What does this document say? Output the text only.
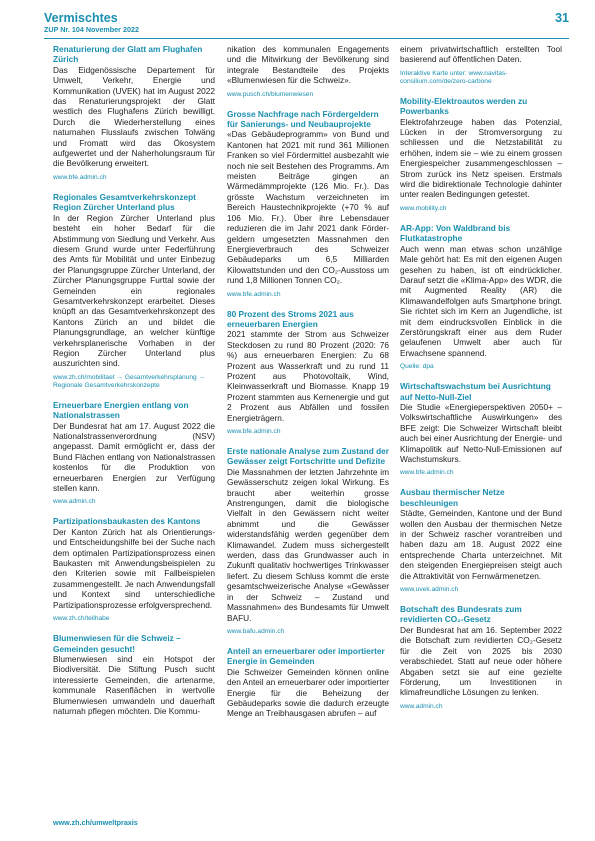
Vermischtes
ZUP Nr. 104 November 2022
31
Renaturierung der Glatt am Flughafen Zürich

Das Eidgenössische Departement für Umwelt, Verkehr, Energie und Kommunikation (UVEK) hat im August 2022 das Renaturierungsprojekt der Glatt westlich des Flughafens Zürich bewilligt. Durch die Wiederherstellung eines naturnahen Flusslaufs zwischen Tolwäng und Fromatt wird das Ökosystem aufgewertet und der Naherholungsraum für die Bevölkerung erweitert.

www.bfe.admin.ch
Regionales Gesamtverkehrskonzept Region Zürcher Unterland plus

In der Region Zürcher Unterland plus besteht ein hoher Bedarf für die Abstimmung von Siedlung und Verkehr. Aus diesem Grund wurde unter Federführung des Amts für Mobilität und unter Einbezug der Planungsgruppe Zürcher Unterland, der Zürcher Planungsgruppe Furttal sowie der Gemeinden ein regionales Gesamtverkehrskonzept erarbeitet. Dieses knüpft an das Gesamtverkehrskonzept des Kantons Zürich an und bildet die Planungsgrundlage, an welcher künftige verkehrsplanerische Vorhaben in der Region Zürcher Unterland plus auszurichten sind.

www.zh.ch/mobilitaet → Gesamtverkehrsplanung → Regionale Gesamtverkehrskonzepte
Erneuerbare Energien entlang von Nationalstrassen

Der Bundesrat hat am 17. August 2022 die Nationalstrassenverordnung (NSV) angepasst. Damit ermöglicht er, dass der Bund Flächen entlang von Nationalstrassen kostenlos für die Produktion von erneuerbaren Energien zur Verfügung stellen kann.

www.admin.ch
Partizipationsbaukasten des Kantons

Der Kanton Zürich hat als Orientierungs- und Entscheidungshilfe bei der Suche nach dem optimalen Partizipationsprozess einen Baukasten mit Anwendungsbeispielen zu den Kriterien sowie mit Fallbeispielen zusammengestellt. Je nach Anwendungsfall und Kontext sind unterschiedliche Partizipationsprozesse erfolgversprechend.

www.zh.ch/teilhabe
Blumenwiesen für die Schweiz – Gemeinden gesucht!

Blumenwiesen sind ein Hotspot der Biodiversität. Die Stiftung Pusch sucht interessierte Gemeinden, die artenarme, kommunale Rasenflächen in wertvolle Blumenwiesen umwandeln und dauerhaft naturnah pflegen möchten. Die Kommu-

nikation des kommunalen Engagements und die Mitwirkung der Bevölkerung sind integrale Bestandteile des Projekts «Blumenwiesen für die Schweiz».

www.pusch.ch/blumenwiesen
Grosse Nachfrage nach Fördergeldern für Sanierungs- und Neubauprojekte

«Das Gebäudeprogramm» von Bund und Kantonen hat 2021 mit rund 361 Millionen Franken so viel Fördermittel ausbezahlt wie noch nie seit Bestehen des Programms. Am meisten Beiträge gingen an Wärmedämmprojekte (126 Mio. Fr.). Das grösste Wachstum verzeichneten im Bereich Haustechnikprojekte (+70 % auf 106 Mio. Fr.). Über ihre Lebensdauer reduzieren die im Jahr 2021 dank Förder- geldern umgesetzten Massnahmen den Energieverbrauch des Schweizer Gebäudeparks um 6,5 Milliarden Kilowattstunden und den CO₂-Ausstoss um rund 1,8 Millionen Tonnen CO₂.

www.bfe.admin.ch
80 Prozent des Stroms 2021 aus erneuerbaren Energien

2021 stammte der Strom aus Schweizer Steckdosen zu rund 80 Prozent (2020: 76 %) aus erneuerbaren Energien: Zu 68 Prozent aus Wasserkraft und zu rund 11 Prozent aus Photovoltaik, Wind, Kleinwasserkraft und Biomasse. Knapp 19 Prozent stammten aus Kernenergie und gut 2 Prozent aus Abfällen und fossilen Energieträgern.

www.bfe.admin.ch
Erste nationale Analyse zum Zustand der Gewässer zeigt Fortschritte und Defizite

Die Massnahmen der letzten Jahrzehnte im Gewässerschutz zeigen lokal Wirkung. Es braucht aber weiterhin grosse Anstrengungen, damit die biologische Vielfalt in den Gewässern nicht weiter abnimmt und die Gewässer widerstandsfähig werden gegenüber dem Klimawandel. Zudem muss sichergestellt werden, dass das Grundwasser auch in Zukunft qualitativ hochwertiges Trinkwasser liefert. Zu diesem Schluss kommt die erste gesamtschweizerische Analyse «Gewässer in der Schweiz – Zustand und Massnahmen» des Bundesamts für Umwelt BAFU.

www.bafu.admin.ch
Anteil an erneuerbarer oder importierter Energie in Gemeinden

Die Schweizer Gemeinden können online den Anteil an erneuerbarer oder importierter Energie für die Beheizung der Gebäudeparks sowie die dadurch erzeugte Menge an Treibhausgasen abrufen – auf

einem privatwirtschaftlich erstellten Tool basierend auf öffentlichen Daten.

Interaktive Karte unter: www.navitas-consilium.com/de/zero-carbone
Mobility-Elektroautos werden zu Powerbanks

Elektrofahrzeuge haben das Potenzial, Lücken in der Stromversorgung zu schliessen und die Netzstabilität zu erhöhen, indem sie – wie zu einem grossen Energiespeicher zusammengeschlossen – Strom zurück ins Netz speisen. Erstmals wird die bidirektionale Technologie dahinter unter realen Bedingungen getestet.

www.mobility.ch
AR-App: Von Waldbrand bis Flutkatastrophe

Auch wenn man etwas schon unzählige Male gehört hat: Es mit den eigenen Augen gesehen zu haben, ist oft eindrücklicher. Darauf setzt die «Klima-App» des WDR, die mit Augmented Reality (AR) die Klimawandelfolgen aufs Smartphone bringt. Sie richtet sich im Kern an Jugendliche, ist mit dem eindrucksvollen Einblick in die Zerstörungskraft einer aus dem Ruder gelaufenen Umwelt aber auch für Erwachsene spannend.

Quelle: dpa
Wirtschaftswachstum bei Ausrichtung auf Netto-Null-Ziel

Die Studie «Energieperspektiven 2050+ – Volkswirtschaftliche Auswirkungen» des BFE zeigt: Die Schweizer Wirtschaft bleibt auch bei einer Ausrichtung der Energie- und Klimapolitik auf Netto-Null-Emissionen auf Wachstumskurs.

www.bfe.admin.ch
Ausbau thermischer Netze beschleunigen

Städte, Gemeinden, Kantone und der Bund wollen den Ausbau der thermischen Netze in der Schweiz rascher vorantreiben und haben dazu am 18. August 2022 eine entsprechende Charta unterzeichnet. Mit den steigenden Energiepreisen steigt auch die Attraktivität von Fernwärmenetzen.

www.uvek.admin.ch
Botschaft des Bundesrats zum revidierten CO₂-Gesetz

Der Bundesrat hat am 16. September 2022 die Botschaft zum revidierten CO₂-Gesetz für die Zeit von 2025 bis 2030 verabschiedet. Statt auf neue oder höhere Abgaben setzt sie auf eine gezielte Förderung, um Investitionen in klimafreundliche Lösungen zu lenken.

www.admin.ch
www.zh.ch/umweltpraxis
